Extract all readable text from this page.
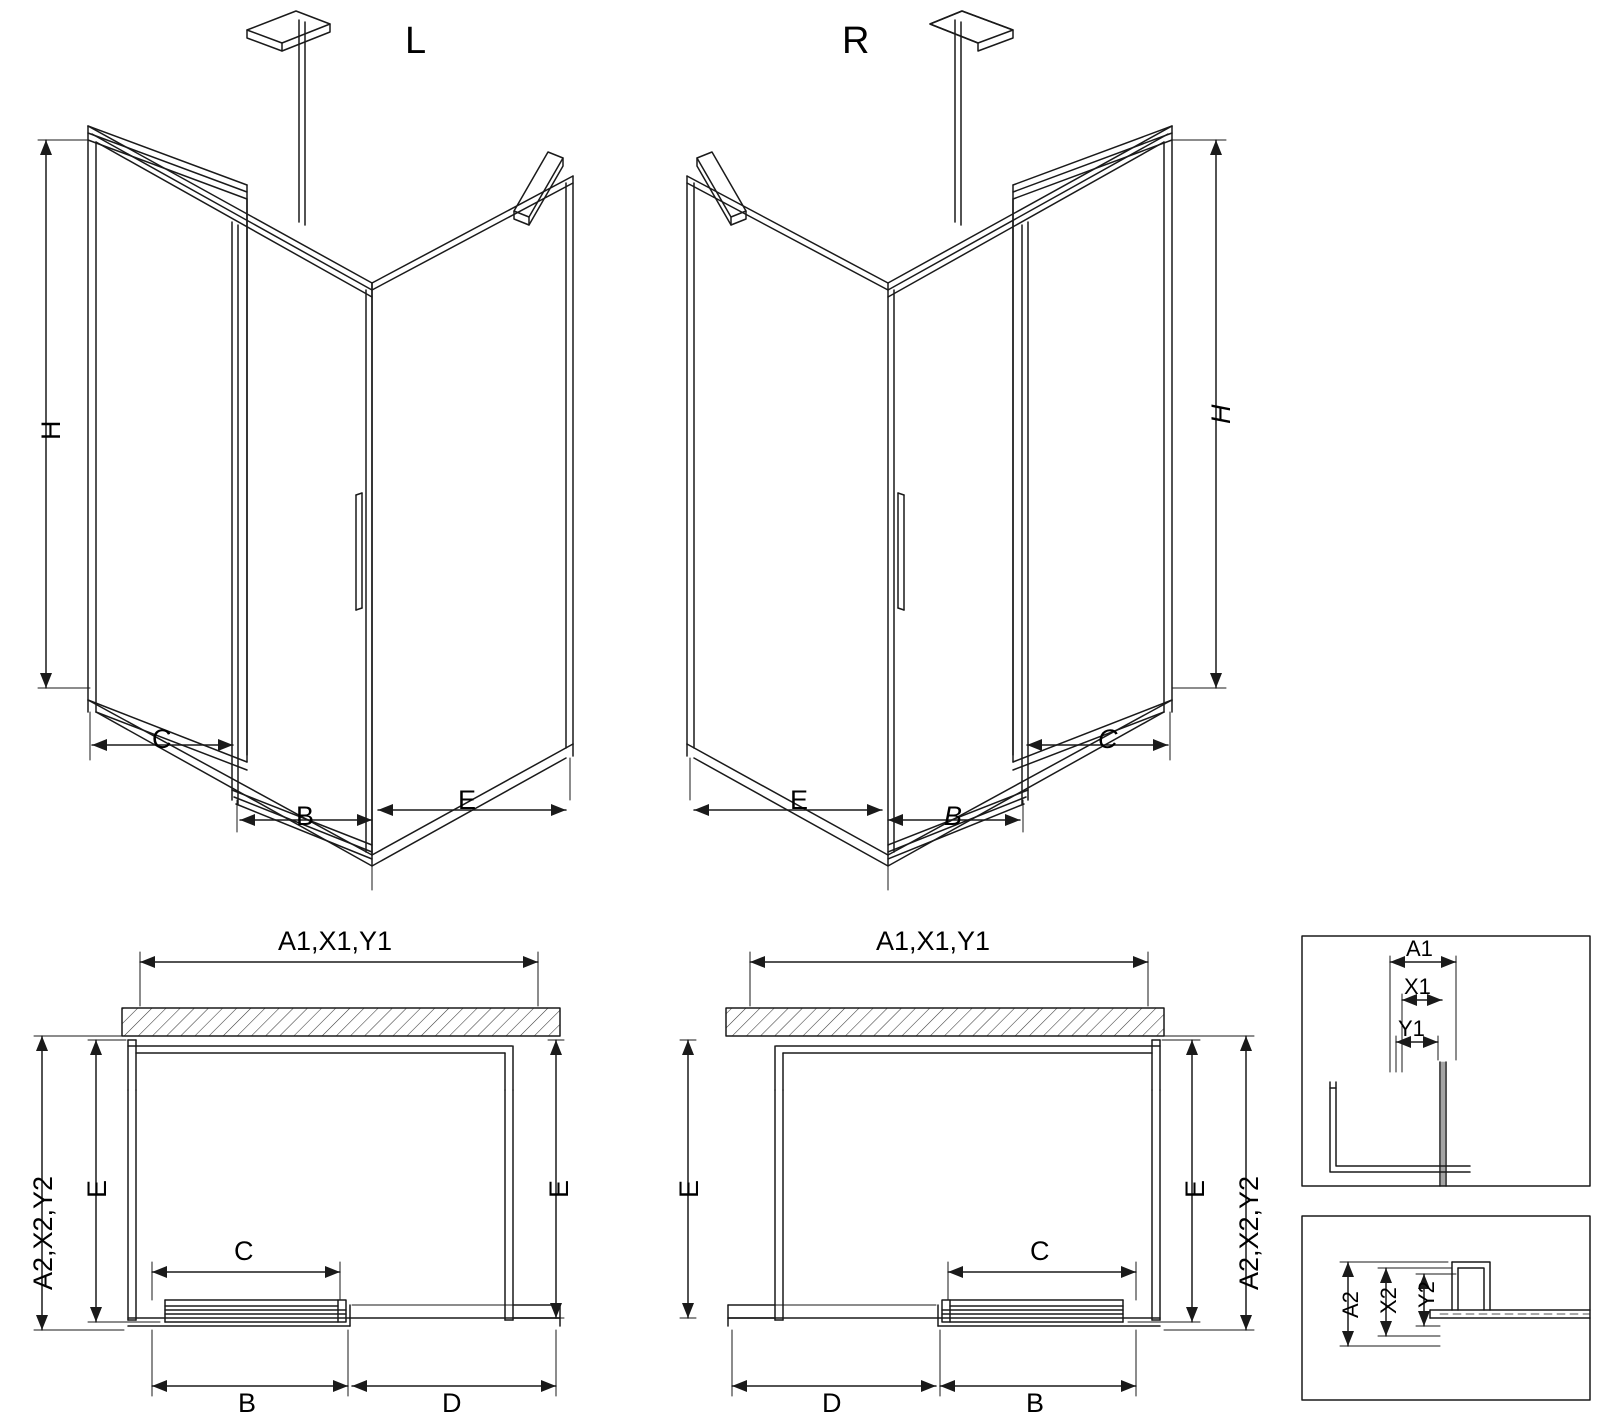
L	R
H
C
B
E
H
C
B
E
A1,X1,Y1
A2,X2,Y2 E	E
C
B	D
A1,X1,Y1
A2,X2,Y2
E	E
C
B
D
A1
X1
Y1
A2 X2 Y2
